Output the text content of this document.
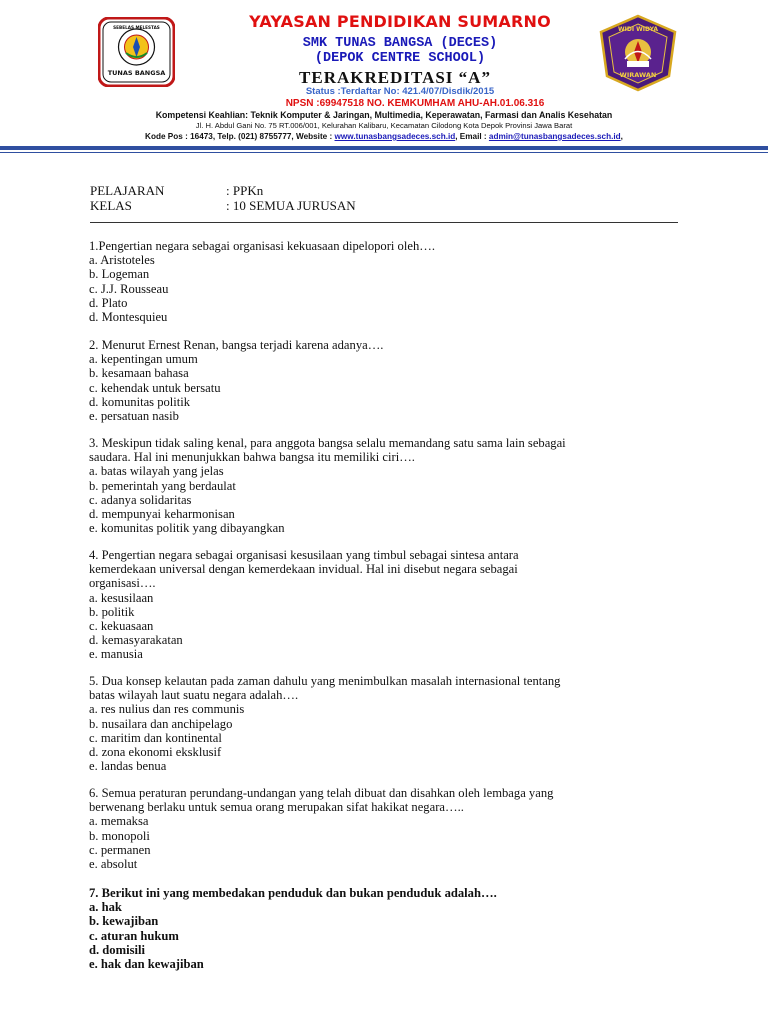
SEBELAS MELESTAS
TUNAS BANGSA
WIDI WIDYA
WIRAWAN
YAYASAN PENDIDIKAN SUMARNO
SMK TUNAS BANGSA (DECES)
(DEPOK CENTRE SCHOOL)
TERAKREDITASI “A”
Status :Terdaftar No: 421.4/07/Disdik/2015
NPSN :69947518 NO. KEMKUMHAM AHU-AH.01.06.316
Kompetensi Keahlian: Teknik Komputer & Jaringan, Multimedia, Keperawatan, Farmasi dan Analis Kesehatan
Jl. H. Abdul Gani No. 75 RT.006/001, Kelurahan Kalibaru, Kecamatan Cilodong Kota Depok Provinsi Jawa Barat
Kode Pos : 16473, Telp. (021) 8755777, Website : www.tunasbangsadeces.sch.id, Email : admin@tunasbangsadeces.sch.id,
PELAJARAN	: PPKn
KELAS	: 10 SEMUA JURUSAN

1.Pengertian negara sebagai organisasi kekuasaan dipelopori oleh….

a. Aristoteles

b. Logeman

c. J.J. Rousseau

d. Plato

d. Montesquieu

2. Menurut Ernest Renan, bangsa terjadi karena adanya….

a. kepentingan umum

b. kesamaan bahasa

c. kehendak untuk bersatu

d. komunitas politik

e. persatuan nasib

3. Meskipun tidak saling kenal, para anggota bangsa selalu memandang satu sama lain sebagai

saudara. Hal ini menunjukkan bahwa bangsa itu memiliki ciri….

a. batas wilayah yang jelas

b. pemerintah yang berdaulat

c. adanya solidaritas

d. mempunyai keharmonisan

e. komunitas politik yang dibayangkan

4. Pengertian negara sebagai organisasi kesusilaan yang timbul sebagai sintesa antara

kemerdekaan universal dengan kemerdekaan invidual. Hal ini disebut negara sebagai

organisasi….

a. kesusilaan

b. politik

c. kekuasaan

d. kemasyarakatan

e. manusia

5. Dua konsep kelautan pada zaman dahulu yang menimbulkan masalah internasional tentang

batas wilayah laut suatu negara adalah….

a. res nulius dan res communis

b. nusailara dan anchipelago

c. maritim dan kontinental

d. zona ekonomi eksklusif

e. landas benua

6. Semua peraturan perundang-undangan yang telah dibuat dan disahkan oleh lembaga yang

berwenang berlaku untuk semua orang merupakan sifat hakikat negara…..

a. memaksa

b. monopoli

c. permanen

e. absolut

7. Berikut ini yang membedakan penduduk dan bukan penduduk adalah….

a. hak

b. kewajiban

c. aturan hukum

d. domisili

e. hak dan kewajiban
